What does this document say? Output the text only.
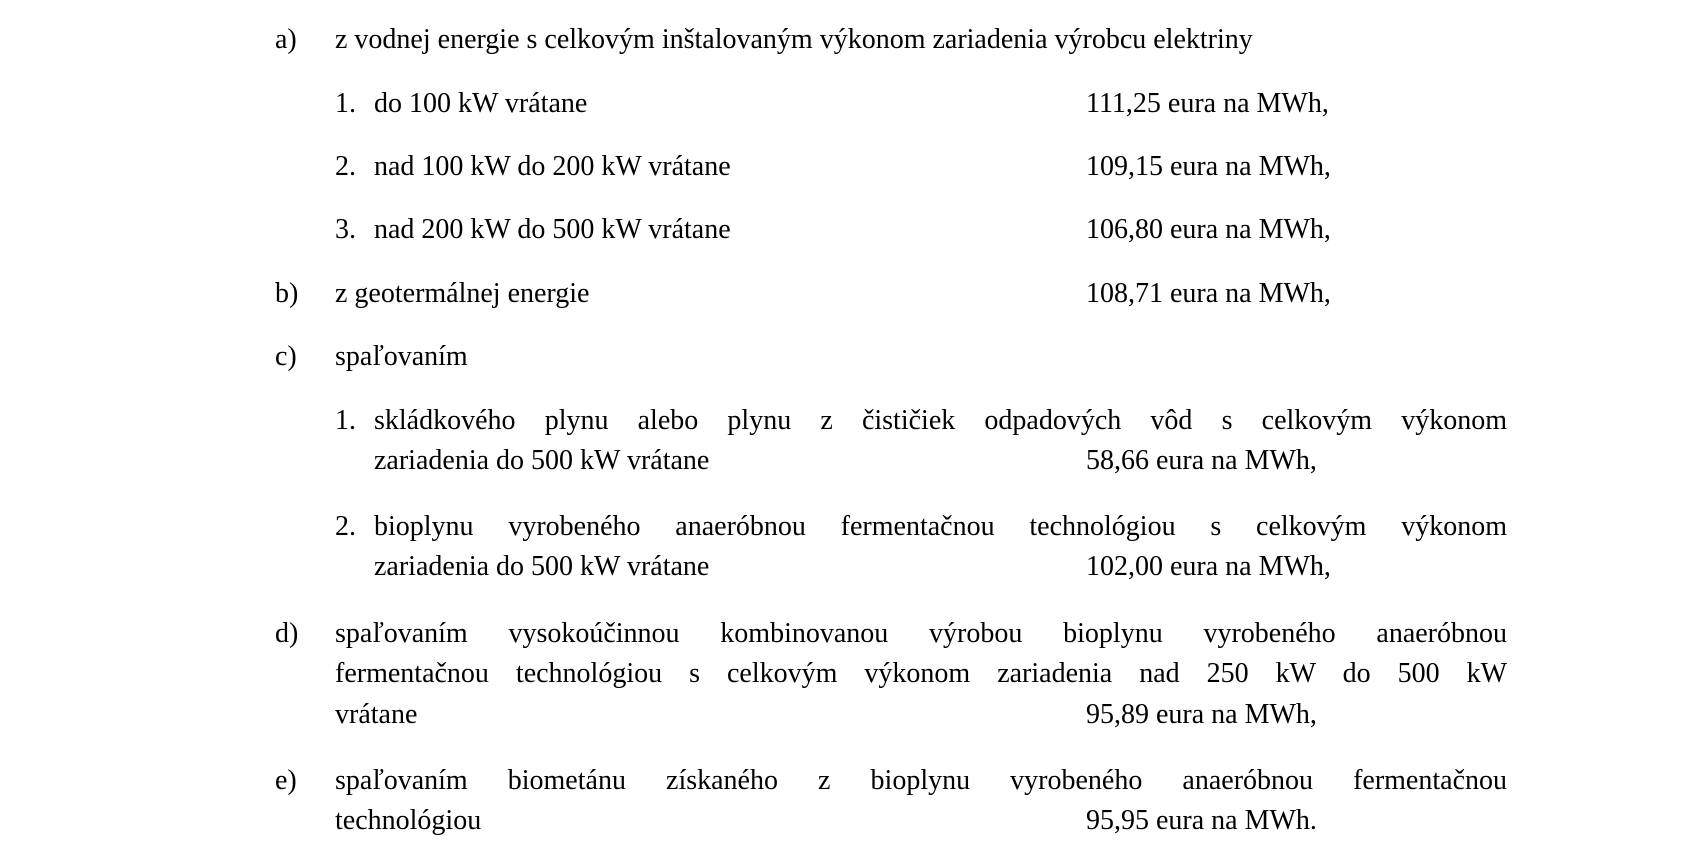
a) z vodnej energie s celkovým inštalovaným výkonom zariadenia výrobcu elektriny
1. do 100 kW vrátane	111,25 eura na MWh,
2. nad 100 kW do 200 kW vrátane	109,15 eura na MWh,
3. nad 200 kW do 500 kW vrátane	106,80 eura na MWh,
b) z geotermálnej energie	108,71 eura na MWh,
c) spaľovaním
1. skládkového plynu alebo plynu z čističiek odpadových vôd s celkovým výkonom
zariadenia do 500 kW vrátane	58,66 eura na MWh,
2. bioplynu vyrobeného anaeróbnou fermentačnou technológiou s celkovým výkonom
zariadenia do 500 kW vrátane	102,00 eura na MWh,
d) spaľovaním vysokoúčinnou kombinovanou výrobou bioplynu vyrobeného anaeróbnou
fermentačnou technológiou s celkovým výkonom zariadenia nad 250 kW do 500 kW
vrátane	95,89 eura na MWh,
e) spaľovaním biometánu získaného z bioplynu vyrobeného anaeróbnou fermentačnou
technológiou	95,95 eura na MWh.
